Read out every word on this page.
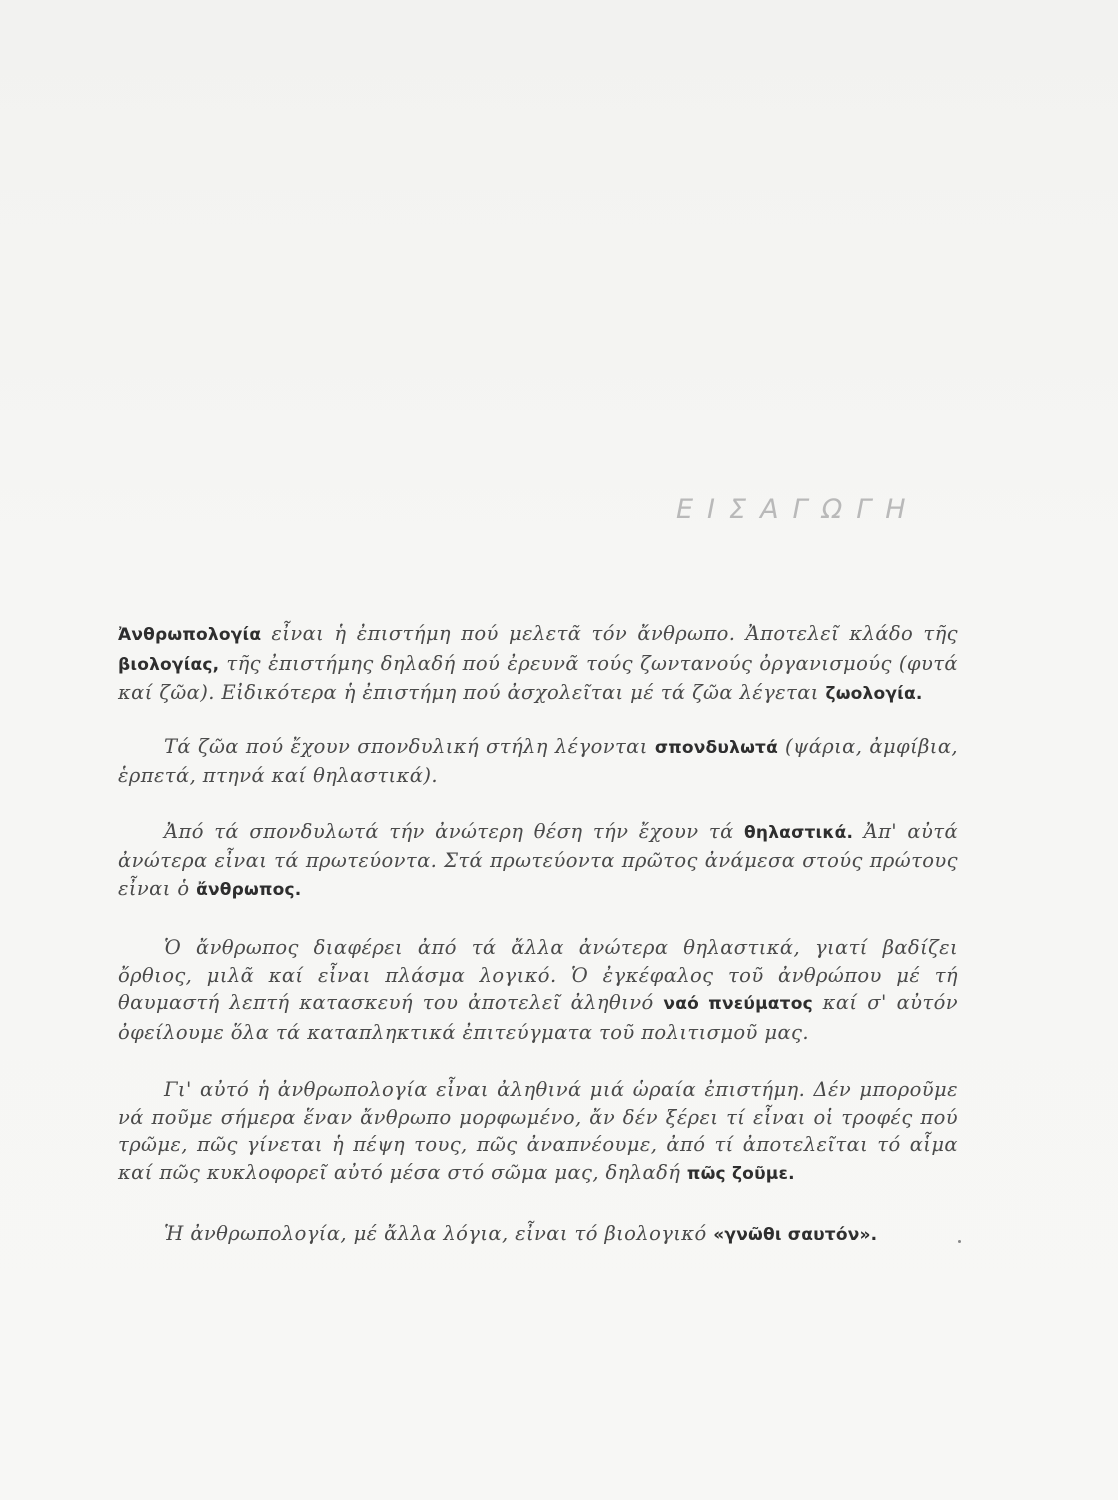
ΕΙΣΑΓΩΓΗ

Ἀνθρωπολογία εἶναι ἡ ἐπιστήμη πού μελετᾶ τόν ἄνθρωπο. Ἀποτελεῖ κλάδο τῆς βιολογίας, τῆς ἐπιστήμης δηλαδή πού ἐρευνᾶ τούς ζωντανούς ὀργανισμούς (φυτά καί ζῶα). Εἰδικότερα ἡ ἐπιστήμη πού ἀσχολεῖται μέ τά ζῶα λέγεται ζωολογία.

Τά ζῶα πού ἔχουν σπονδυλική στήλη λέγονται σπονδυλωτά (ψάρια, ἀμφίβια, ἑρπετά, πτηνά καί θηλαστικά).

Ἀπό τά σπονδυλωτά τήν ἀνώτερη θέση τήν ἔχουν τά θηλαστικά. Ἀπ' αὐτά ἀνώτερα εἶναι τά πρωτεύοντα. Στά πρωτεύοντα πρῶτος ἀνάμεσα στούς πρώτους εἶναι ὁ ἄνθρωπος.

Ὁ ἄνθρωπος διαφέρει ἀπό τά ἄλλα ἀνώτερα θηλαστικά, γιατί βαδίζει ὄρθιος, μιλᾶ καί εἶναι πλάσμα λογικό. Ὁ ἐγκέφαλος τοῦ ἀνθρώπου μέ τή θαυμαστή λεπτή κατασκευή του ἀποτελεῖ ἀληθινό ναό πνεύματος καί σ' αὐτόν ὀφείλουμε ὅλα τά καταπληκτικά ἐπιτεύγματα τοῦ πολιτισμοῦ μας.

Γι' αὐτό ἡ ἀνθρωπολογία εἶναι ἀληθινά μιά ὡραία ἐπιστήμη. Δέν μποροῦμε νά ποῦμε σήμερα ἕναν ἄνθρωπο μορφωμένο, ἄν δέν ξέρει τί εἶναι οἱ τροφές πού τρῶμε, πῶς γίνεται ἡ πέψη τους, πῶς ἀναπνέουμε, ἀπό τί ἀποτελεῖται τό αἷμα καί πῶς κυκλοφορεῖ αὐτό μέσα στό σῶμα μας, δηλαδή πῶς ζοῦμε.

Ἡ ἀνθρωπολογία, μέ ἄλλα λόγια, εἶναι τό βιολογικό «γνῶθι σαυτόν».
